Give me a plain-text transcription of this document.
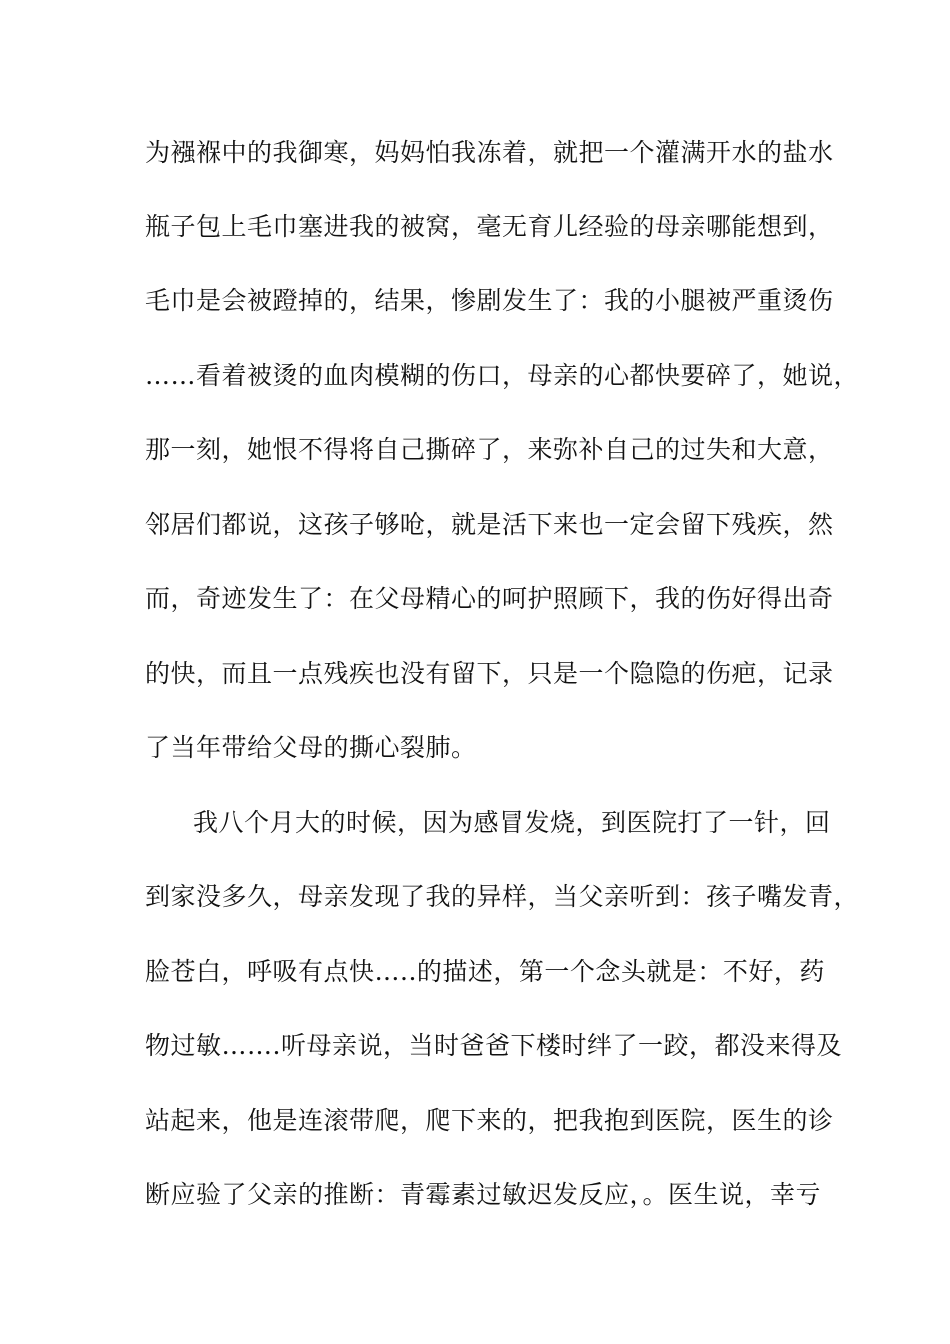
为襁褓中的我御寒，妈妈怕我冻着，就把一个灌满开水的盐水
瓶子包上毛巾塞进我的被窝，毫无育儿经验的母亲哪能想到，
毛巾是会被蹬掉的，结果，惨剧发生了：我的小腿被严重烫伤
……看着被烫的血肉模糊的伤口，母亲的心都快要碎了，她说，
那一刻，她恨不得将自己撕碎了，来弥补自己的过失和大意，
邻居们都说，这孩子够呛，就是活下来也一定会留下残疾，然
而，奇迹发生了：在父母精心的呵护照顾下，我的伤好得出奇
的快，而且一点残疾也没有留下，只是一个隐隐的伤疤，记录
了当年带给父母的撕心裂肺。
我八个月大的时候，因为感冒发烧，到医院打了一针，回
到家没多久，母亲发现了我的异样，当父亲听到：孩子嘴发青，
脸苍白，呼吸有点快…..的描述，第一个念头就是：不好，药
物过敏…….听母亲说，当时爸爸下楼时绊了一跤，都没来得及
站起来，他是连滚带爬，爬下来的，把我抱到医院，医生的诊
断应验了父亲的推断：青霉素过敏迟发反应，。医生说，幸亏
